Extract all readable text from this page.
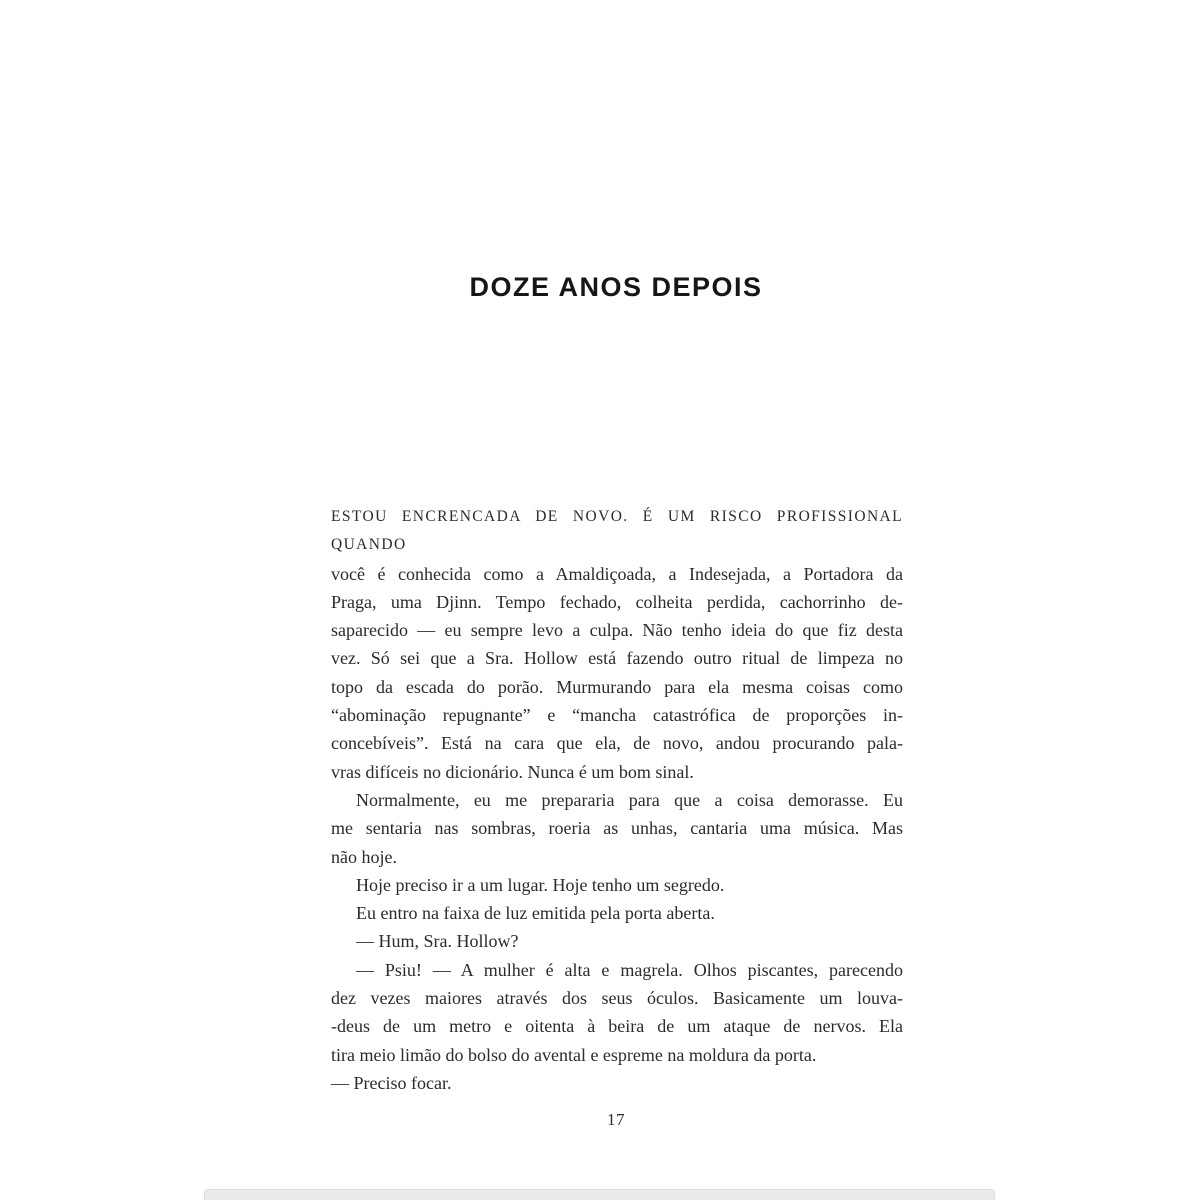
DOZE ANOS DEPOIS
ESTOU ENCRENCADA DE NOVO. É UM RISCO PROFISSIONAL QUANDO
você é conhecida como a Amaldiçoada, a Indesejada, a Portadora da
Praga, uma Djinn. Tempo fechado, colheita perdida, cachorrinho de-
saparecido — eu sempre levo a culpa. Não tenho ideia do que fiz desta
vez. Só sei que a Sra. Hollow está fazendo outro ritual de limpeza no
topo da escada do porão. Murmurando para ela mesma coisas como
“abominação repugnante” e “mancha catastrófica de proporções in-
concebíveis”. Está na cara que ela, de novo, andou procurando pala-
vras difíceis no dicionário. Nunca é um bom sinal.
Normalmente, eu me prepararia para que a coisa demorasse. Eu
me sentaria nas sombras, roeria as unhas, cantaria uma música. Mas
não hoje.
Hoje preciso ir a um lugar. Hoje tenho um segredo.
Eu entro na faixa de luz emitida pela porta aberta.
— Hum, Sra. Hollow?
— Psiu! — A mulher é alta e magrela. Olhos piscantes, parecendo
dez vezes maiores através dos seus óculos. Basicamente um louva-
-deus de um metro e oitenta à beira de um ataque de nervos. Ela
tira meio limão do bolso do avental e espreme na moldura da porta.
— Preciso focar.
17
